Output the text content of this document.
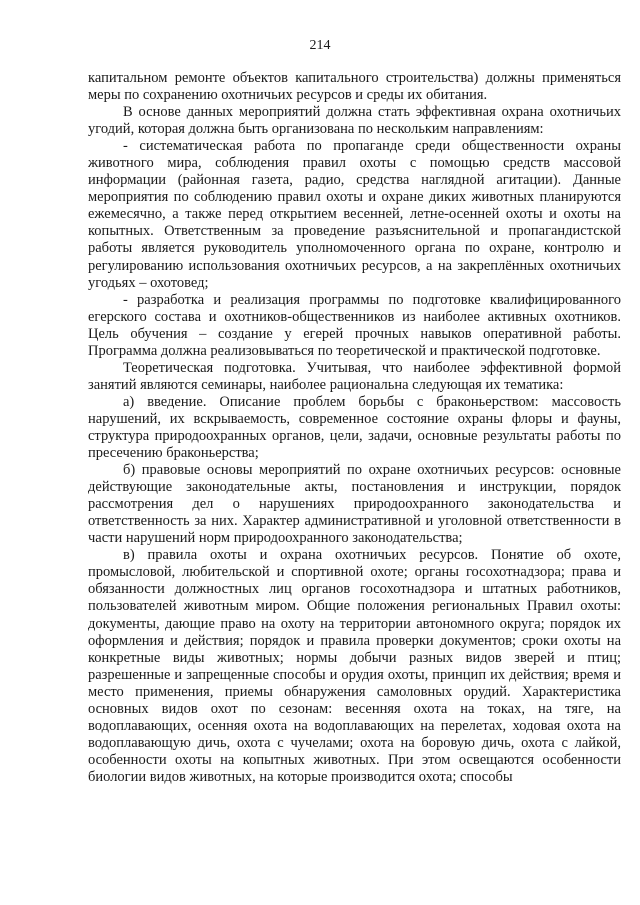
214

капитальном ремонте объектов капитального строительства) должны применяться меры по сохранению охотничьих ресурсов и среды их обитания.

В основе данных мероприятий должна стать эффективная охрана охотничьих угодий, которая должна быть организована по нескольким направлениям:

- систематическая работа по пропаганде среди общественности охраны животного мира, соблюдения правил охоты с помощью средств массовой информации (районная газета, радио, средства наглядной агитации). Данные мероприятия по соблюдению правил охоты и охране диких животных планируются ежемесячно, а также перед открытием весенней, летне-осенней охоты и охоты на копытных. Ответственным за проведение разъяснительной и пропагандистской работы является руководитель уполномоченного органа по охране, контролю и регулированию использования охотничьих ресурсов, а на закреплённых охотничьих угодьях – охотовед;

- разработка и реализация программы по подготовке квалифицированного егерского состава и охотников-общественников из наиболее активных охотников. Цель обучения – создание у егерей прочных навыков оперативной работы. Программа должна реализовываться по теоретической и практической подготовке.

Теоретическая подготовка. Учитывая, что наиболее эффективной формой занятий являются семинары, наиболее рациональна следующая их тематика:

а) введение. Описание проблем борьбы с браконьерством: массовость нарушений, их вскрываемость, современное состояние охраны флоры и фауны, структура природоохранных органов, цели, задачи, основные результаты работы по пресечению браконьерства;

б) правовые основы мероприятий по охране охотничьих ресурсов: основные действующие законодательные акты, постановления и инструкции, порядок рассмотрения дел о нарушениях природоохранного законодательства и ответственность за них. Характер административной и уголовной ответственности в части нарушений норм природоохранного законодательства;

в) правила охоты и охрана охотничьих ресурсов. Понятие об охоте, промысловой, любительской и спортивной охоте; органы госохотнадзора; права и обязанности должностных лиц органов госохотнадзора и штатных работников, пользователей животным миром. Общие положения региональных Правил охоты: документы, дающие право на охоту на территории автономного округа; порядок их оформления и действия; порядок и правила проверки документов; сроки охоты на конкретные виды животных; нормы добычи разных видов зверей и птиц; разрешенные и запрещенные способы и орудия охоты, принцип их действия; время и место применения, приемы обнаружения самоловных орудий. Характеристика основных видов охот по сезонам: весенняя охота на токах, на тяге, на водоплавающих, осенняя охота на водоплавающих на перелетах, ходовая охота на водоплавающую дичь, охота с чучелами; охота на боровую дичь, охота с лайкой, особенности охоты на копытных животных. При этом освещаются особенности биологии видов животных, на которые производится охота; способы
